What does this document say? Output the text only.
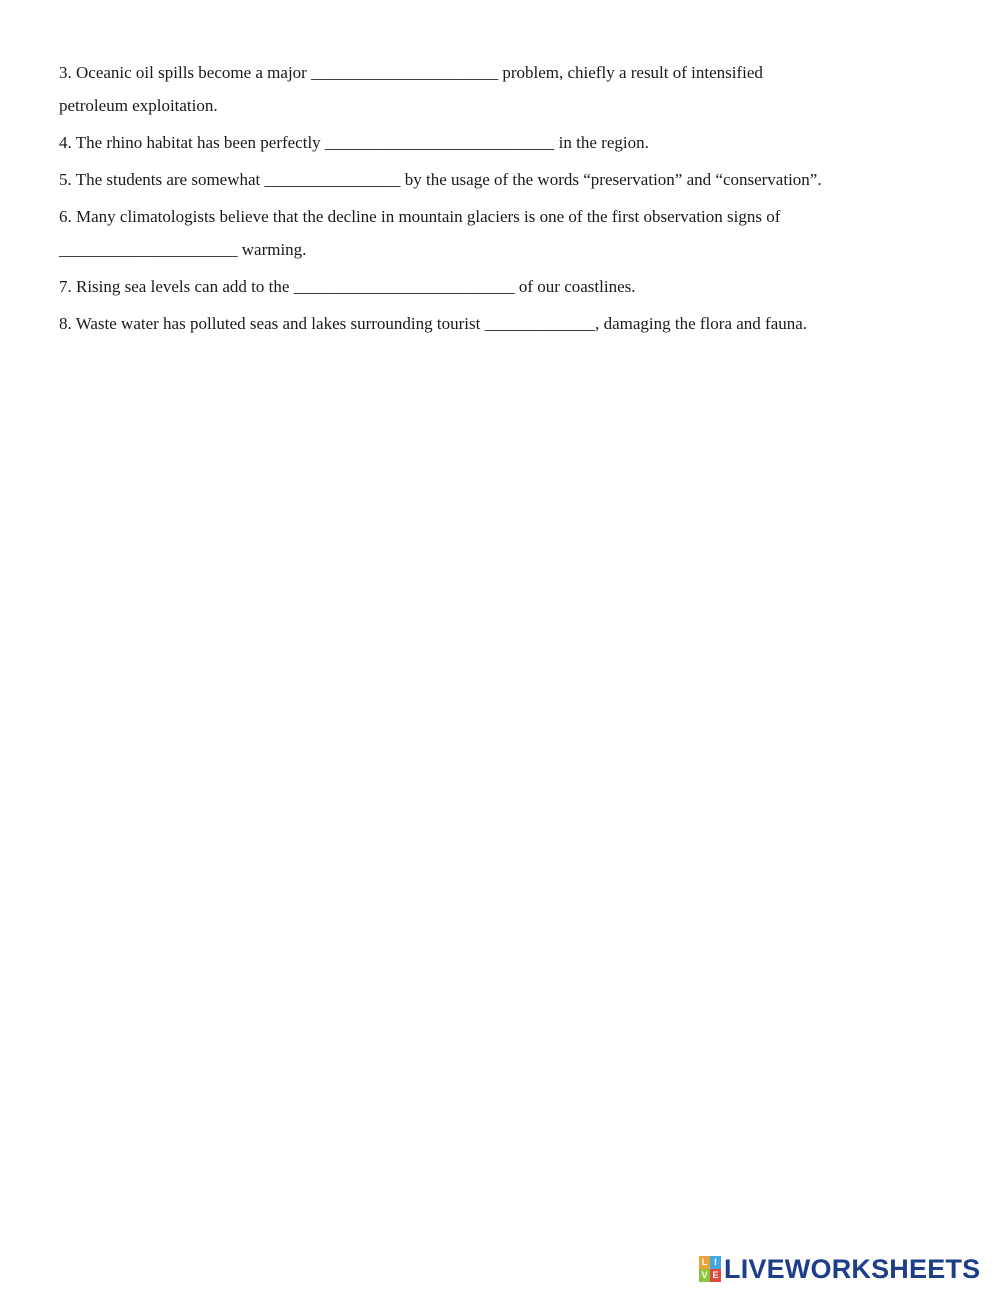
3. Oceanic oil spills become a major ______________________ problem, chiefly a result of intensified
petroleum exploitation.

4. The rhino habitat has been perfectly ___________________________ in the region.

5. The students are somewhat ________________ by the usage of the words “preservation” and “conservation”.

6. Many climatologists believe that the decline in mountain glaciers is one of the first observation signs of
_____________________ warming.

7. Rising sea levels can add to the __________________________ of our coastlines.

8. Waste water has polluted seas and lakes surrounding tourist _____________, damaging the flora and fauna.

L I
V E LIVEWORKSHEETS
